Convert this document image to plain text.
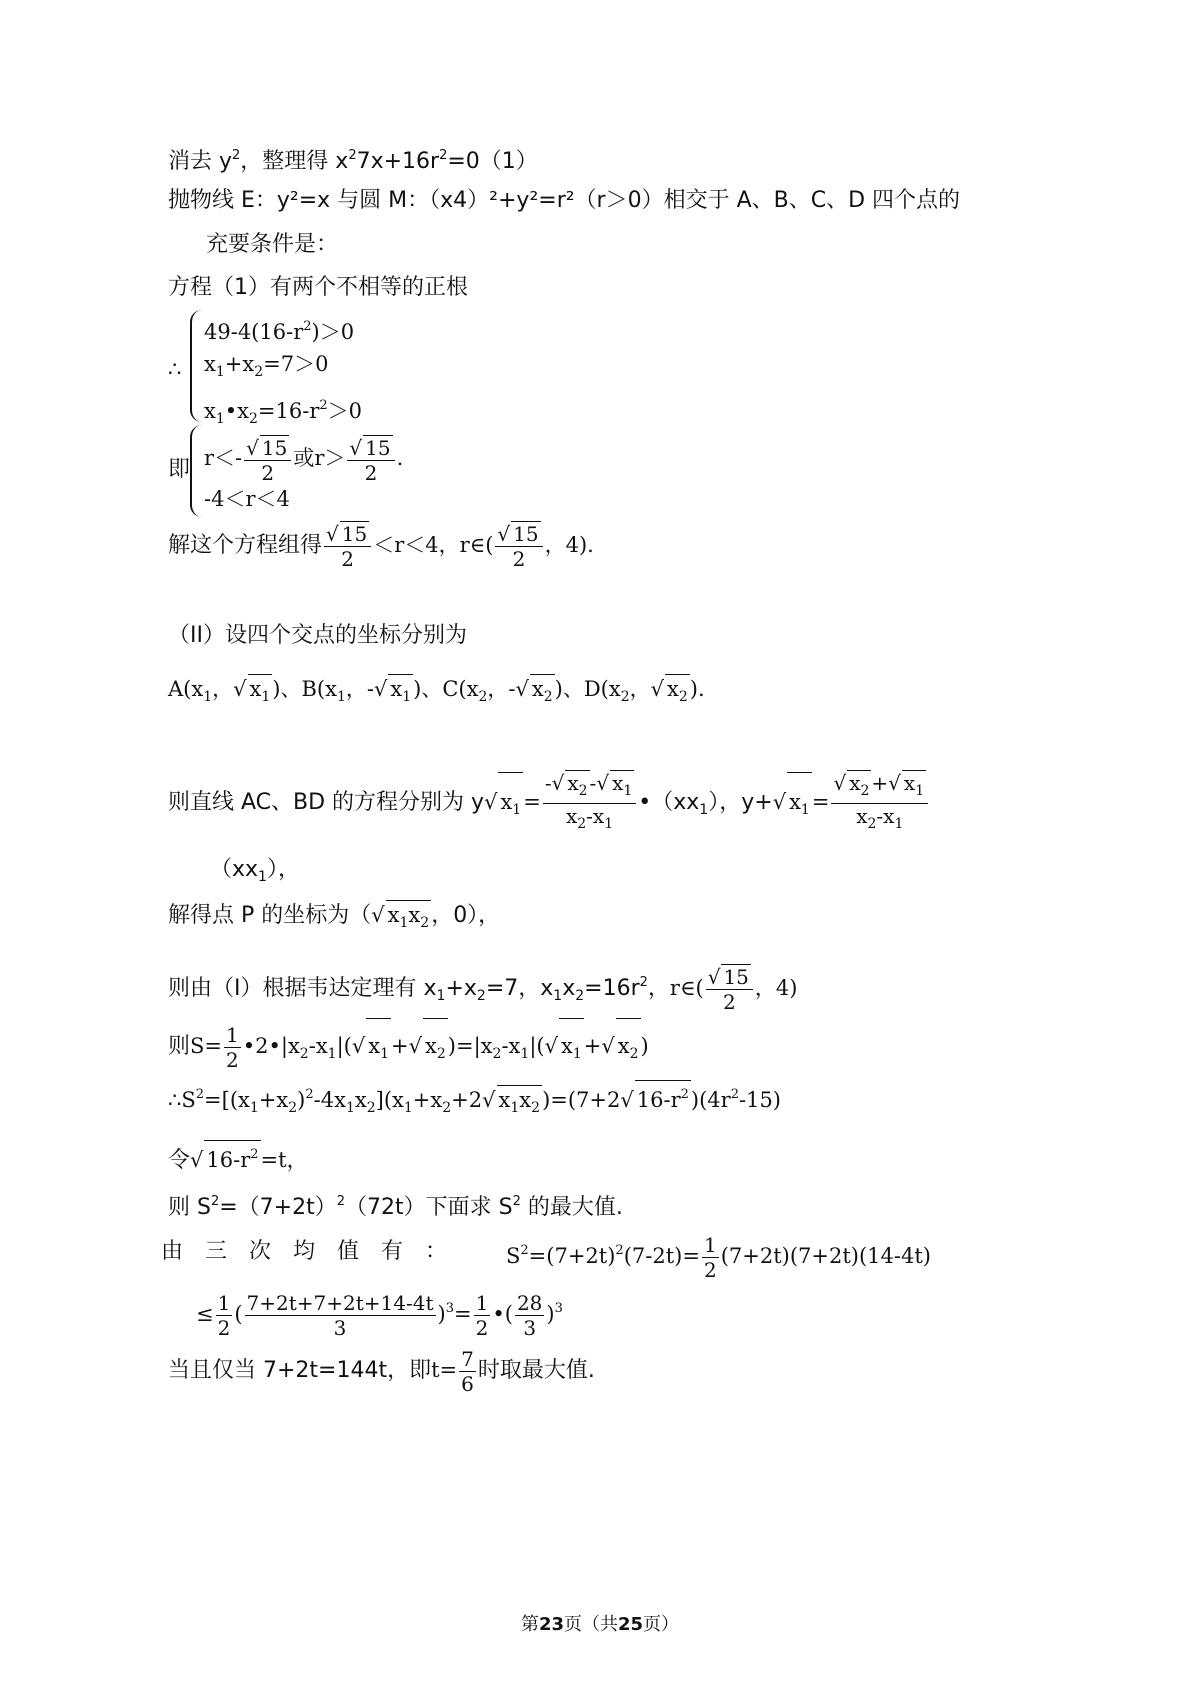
消去 $y^2$，整理得 $x^2⁦7x+16⁦r^2=0(1)$
抛物线 E：y²=x 与圆 M：（x⁦4）²+y²=r²（r＞0）相交于 A、B、C、D 四个点的
充要条件是：
方程（1）有两个不相等的正根
∴
$49-4(16-r^2)>0$
$x_1+x_2=7>0$
$x_1•x_2=16-r^2>0$
即 $r<- \frac{√ 15}{2}$ 或$r> \frac{√ 15}{2}$ .
-4＜r＜4
解这个方程组得 $\frac{√ 15}{2} <r<4$，r∈( $\frac{√ 15}{2}$ ，4).
（II）设四个交点的坐标分别为
$A(x_1$，√ $x_1$)、$B(x_1$，-√ $x_1$)、$C(x_2$，-√ $x_2$)、$D(x_2$，√ $x_2$).
则直线 AC、BD 的方程分别为 y⁦√ $x_1= \frac{-√ x_2 -√ x_1}{x_2-x_1}$ $•(x⁦x_1)$，y+√ $x_1= \frac{√ x_2 +√ x_1}{x_2-x_1}$
$(x⁦x_1)$，
解得点 P 的坐标为（√ $x_1x_2$，0），
则由（I）根据韦达定理有 $x_1+x_2=7$，$x_1x_2=16⁦r^2$，r∈( $\frac{√ 15}{2}$ ，4)
则$S= \frac{1}{2}$ $•2•|x_2-x_1|(√$ $x_1+√$ $x_2)=|x_2-x_1|(√$ $x_1+√$ $x_2$)
$\therefore S^2=[(x_1+x_2)^2-4x_1x_2](x_1+x_2+2√$ $x_1x_2)=(7+2√$ $16-r^2)(4r^2-15)$
令√ $16-r^2=t$，
则 $S^2=(7+2t)^2(7⁦2t)$下面求 $S^2$ 的最大值.
由 三 次 均 值 有 ：	$S^2=(7+2t)^2(7-2t)= \frac{1}{2} (7+2t)(7+2t)(14-4t)$
≤ $\frac{1}{2}$ ( $\frac{7+2t+7+2t+14-4t}{3} )^3= \frac{1}{2}$ •( $\frac{28}{3} )^3$
当且仅当 7+2t=14⁦4t，即$t= \frac{7}{6}$ 时取最大值.
第23页（共25页）
